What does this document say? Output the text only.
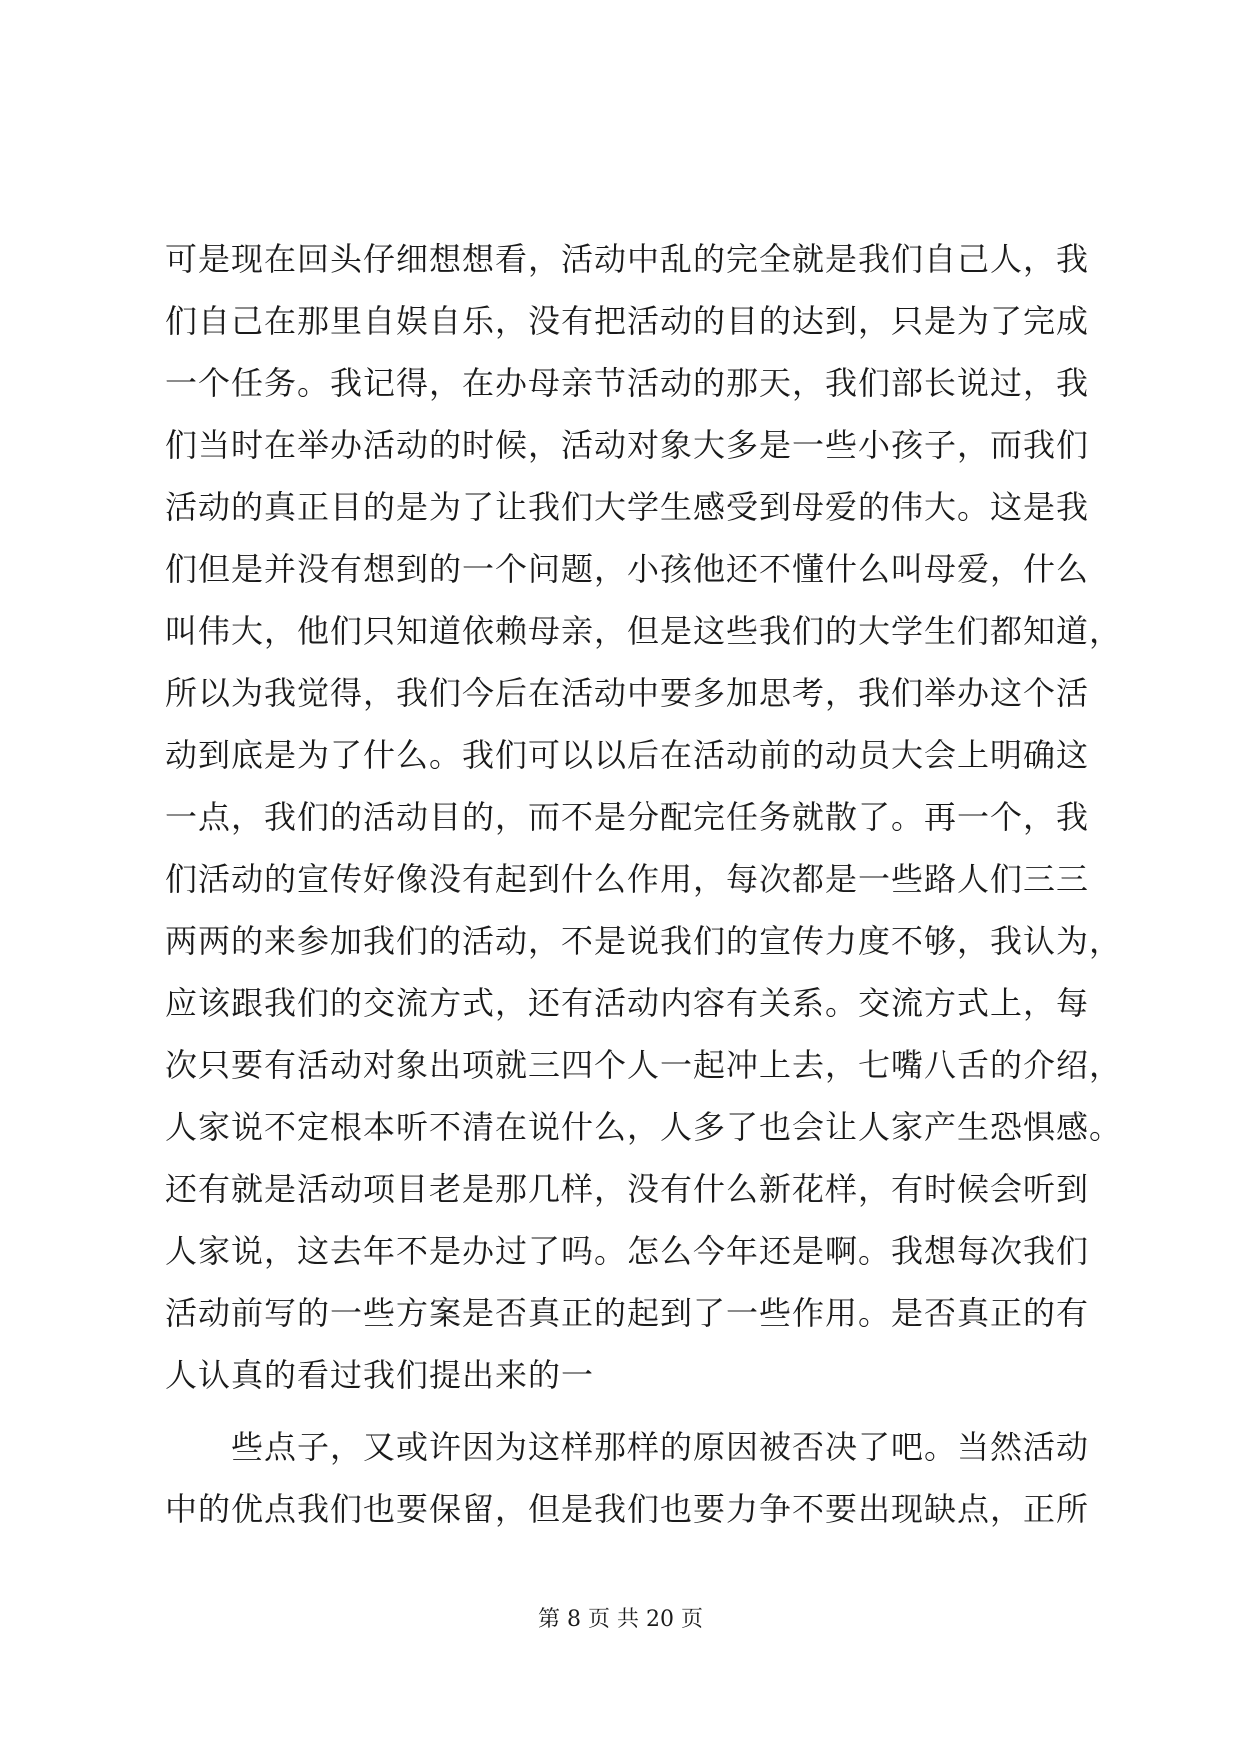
可是现在回头仔细想想看，活动中乱的完全就是我们自己人，我
们自己在那里自娱自乐，没有把活动的目的达到，只是为了完成
一个任务。我记得，在办母亲节活动的那天，我们部长说过，我
们当时在举办活动的时候，活动对象大多是一些小孩子，而我们
活动的真正目的是为了让我们大学生感受到母爱的伟大。这是我
们但是并没有想到的一个问题，小孩他还不懂什么叫母爱，什么
叫伟大，他们只知道依赖母亲，但是这些我们的大学生们都知道，
所以为我觉得，我们今后在活动中要多加思考，我们举办这个活
动到底是为了什么。我们可以以后在活动前的动员大会上明确这
一点，我们的活动目的，而不是分配完任务就散了。再一个，我
们活动的宣传好像没有起到什么作用，每次都是一些路人们三三
两两的来参加我们的活动，不是说我们的宣传力度不够，我认为，
应该跟我们的交流方式，还有活动内容有关系。交流方式上，每
次只要有活动对象出项就三四个人一起冲上去，七嘴八舌的介绍，
人家说不定根本听不清在说什么，人多了也会让人家产生恐惧感。
还有就是活动项目老是那几样，没有什么新花样，有时候会听到
人家说，这去年不是办过了吗。怎么今年还是啊。我想每次我们
活动前写的一些方案是否真正的起到了一些作用。是否真正的有
人认真的看过我们提出来的一
些点子，又或许因为这样那样的原因被否决了吧。当然活动
中的优点我们也要保留，但是我们也要力争不要出现缺点，正所
第 8 页 共 20 页
